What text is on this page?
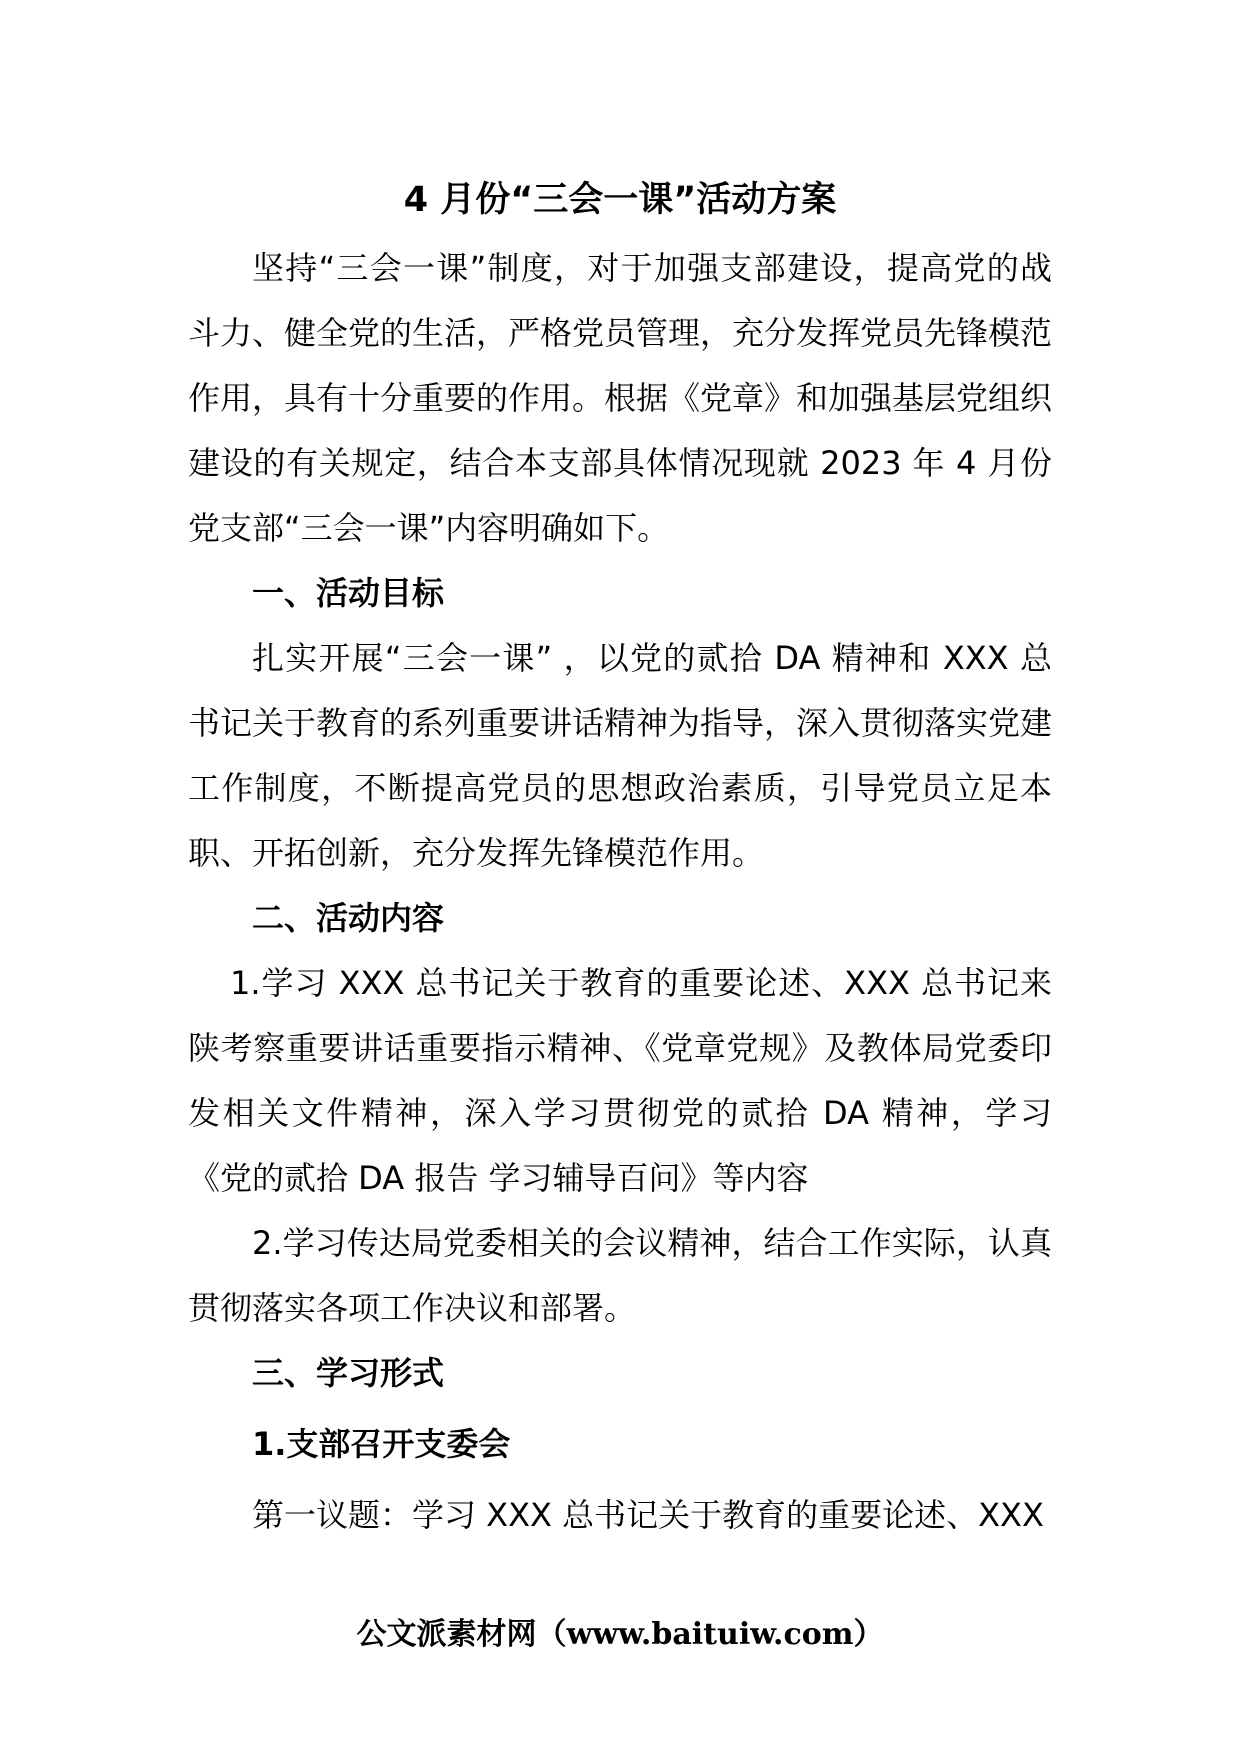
4 月份“三会一课”活动方案

坚持“三会一课”制度，对于加强支部建设，提高党的战斗力、健全党的生活，严格党员管理，充分发挥党员先锋模范作用，具有十分重要的作用。根据《党章》和加强基层党组织建设的有关规定，结合本支部具体情况现就 2023 年 4 月份党支部“三会一课”内容明确如下。

一、活动目标

扎实开展“三会一课” ，以党的贰拾 DA 精神和 XXX 总书记关于教育的系列重要讲话精神为指导，深入贯彻落实党建工作制度，不断提高党员的思想政治素质，引导党员立足本职、开拓创新，充分发挥先锋模范作用。

二、活动内容

1.学习 XXX 总书记关于教育的重要论述、XXX 总书记来陕考察重要讲话重要指示精神、《党章党规》及教体局党委印发相关文件精神，深入学习贯彻党的贰拾 DA 精神，学习《党的贰拾 DA 报告 学习辅导百问》等内容

2.学习传达局党委相关的会议精神，结合工作实际，认真贯彻落实各项工作决议和部署。

三、学习形式

1.支部召开支委会

第一议题：学习 XXX 总书记关于教育的重要论述、XXX

公文派素材网（www.baituiw.com）
